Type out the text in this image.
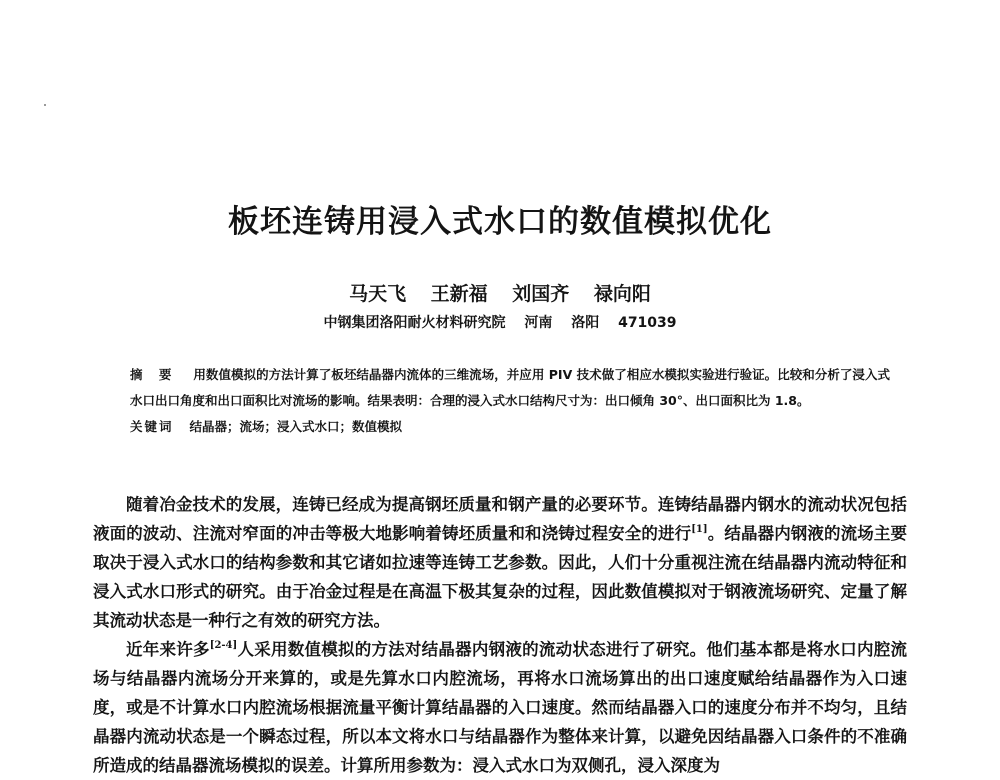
板坯连铸用浸入式水口的数值模拟优化
马天飞 王新福 刘国齐 禄向阳
中钢集团洛阳耐火材料研究院 河南 洛阳 471039

摘 要 用数值模拟的方法计算了板坯结晶器内流体的三维流场，并应用 PIV 技术做了相应水模拟实验进行验证。比较和分析了浸入式水口出口角度和出口面积比对流场的影响。结果表明：合理的浸入式水口结构尺寸为：出口倾角 30°、出口面积比为 1.8。

关键词 结晶器；流场；浸入式水口；数值模拟

随着冶金技术的发展，连铸已经成为提高钢坯质量和钢产量的必要环节。连铸结晶器内钢水的流动状况包括液面的波动、注流对窄面的冲击等极大地影响着铸坯质量和和浇铸过程安全的进行[1]。结晶器内钢液的流场主要取决于浸入式水口的结构参数和其它诸如拉速等连铸工艺参数。因此，人们十分重视注流在结晶器内流动特征和浸入式水口形式的研究。由于冶金过程是在高温下极其复杂的过程，因此数值模拟对于钢液流场研究、定量了解其流动状态是一种行之有效的研究方法。

近年来许多[2-4]人采用数值模拟的方法对结晶器内钢液的流动状态进行了研究。他们基本都是将水口内腔流场与结晶器内流场分开来算的，或是先算水口内腔流场，再将水口流场算出的出口速度赋给结晶器作为入口速度，或是不计算水口内腔流场根据流量平衡计算结晶器的入口速度。然而结晶器入口的速度分布并不均匀，且结晶器内流动状态是一个瞬态过程，所以本文将水口与结晶器作为整体来计算，以避免因结晶器入口条件的不准确所造成的结晶器流场模拟的误差。计算所用参数为：浸入式水口为双侧孔，浸入深度为
